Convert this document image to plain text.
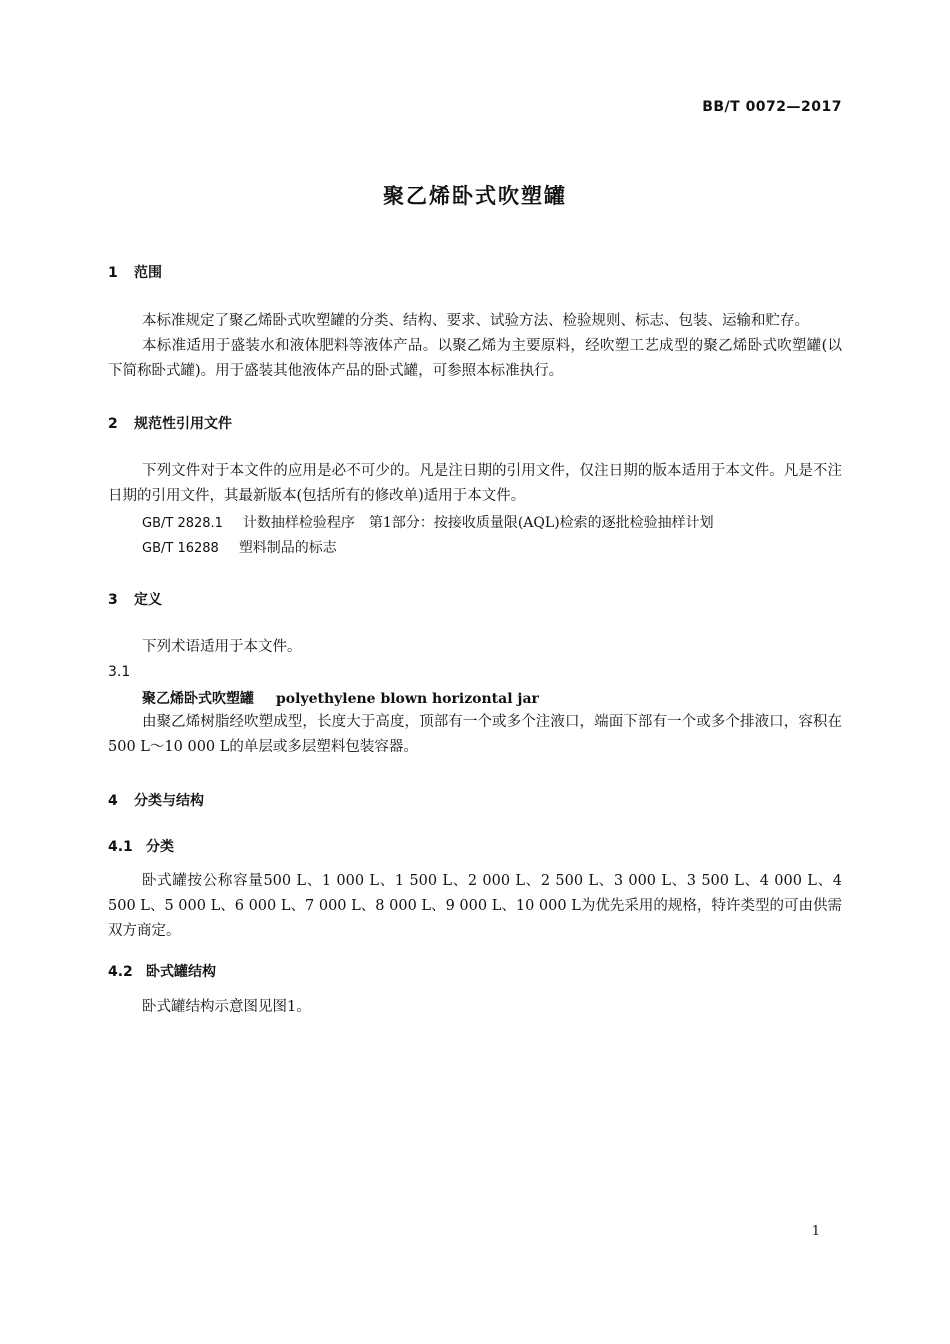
BB/T 0072—2017
聚乙烯卧式吹塑罐
1 范围

本标准规定了聚乙烯卧式吹塑罐的分类、结构、要求、试验方法、检验规则、标志、包装、运输和贮存。

本标准适用于盛装水和液体肥料等液体产品。以聚乙烯为主要原料，经吹塑工艺成型的聚乙烯卧式吹塑罐(以下简称卧式罐)。用于盛装其他液体产品的卧式罐，可参照本标准执行。

2 规范性引用文件

下列文件对于本文件的应用是必不可少的。凡是注日期的引用文件，仅注日期的版本适用于本文件。凡是不注日期的引用文件，其最新版本(包括所有的修改单)适用于本文件。

GB/T 2828.1 计数抽样检验程序　第1部分：按接收质量限(AQL)检索的逐批检验抽样计划
GB/T 16288 塑料制品的标志
3 定义

下列术语适用于本文件。

3.1
聚乙烯卧式吹塑罐 polyethylene blown horizontal jar

由聚乙烯树脂经吹塑成型，长度大于高度，顶部有一个或多个注液口，端面下部有一个或多个排液口，容积在500 L～10 000 L的单层或多层塑料包装容器。

4 分类与结构
4.1 分类

卧式罐按公称容量500 L、1 000 L、1 500 L、2 000 L、2 500 L、3 000 L、3 500 L、4 000 L、4 500 L、5 000 L、6 000 L、7 000 L、8 000 L、9 000 L、10 000 L为优先采用的规格，特许类型的可由供需双方商定。

4.2 卧式罐结构

卧式罐结构示意图见图1。

1
